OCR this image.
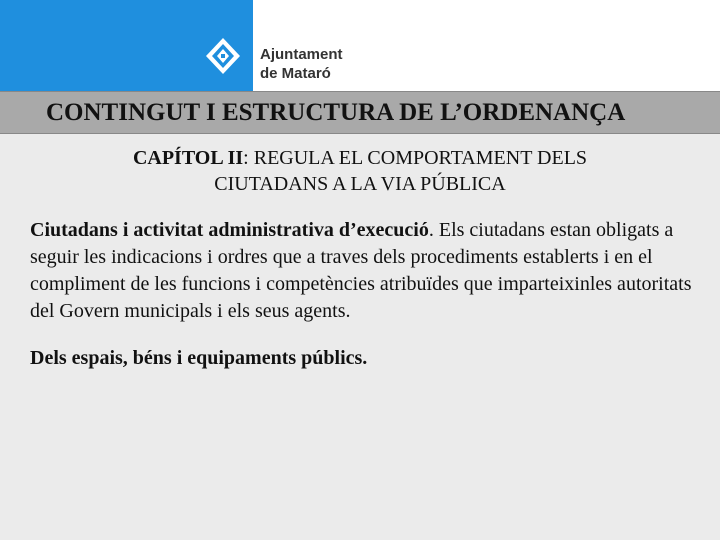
Ajuntament
de Mataró
CONTINGUT I ESTRUCTURA DE L’ORDENANÇA
CAPÍTOL II: REGULA EL COMPORTAMENT DELS
CIUTADANS A LA VIA PÚBLICA
Ciutadans i activitat administrativa d’execució. Els ciutadans estan obligats a seguir les indicacions i ordres que a traves dels procediments establerts i en el compliment de les funcions i competències atribuïdes que imparteixinles autoritats del Govern municipals i els seus agents.
Dels espais, béns i equipaments públics.
